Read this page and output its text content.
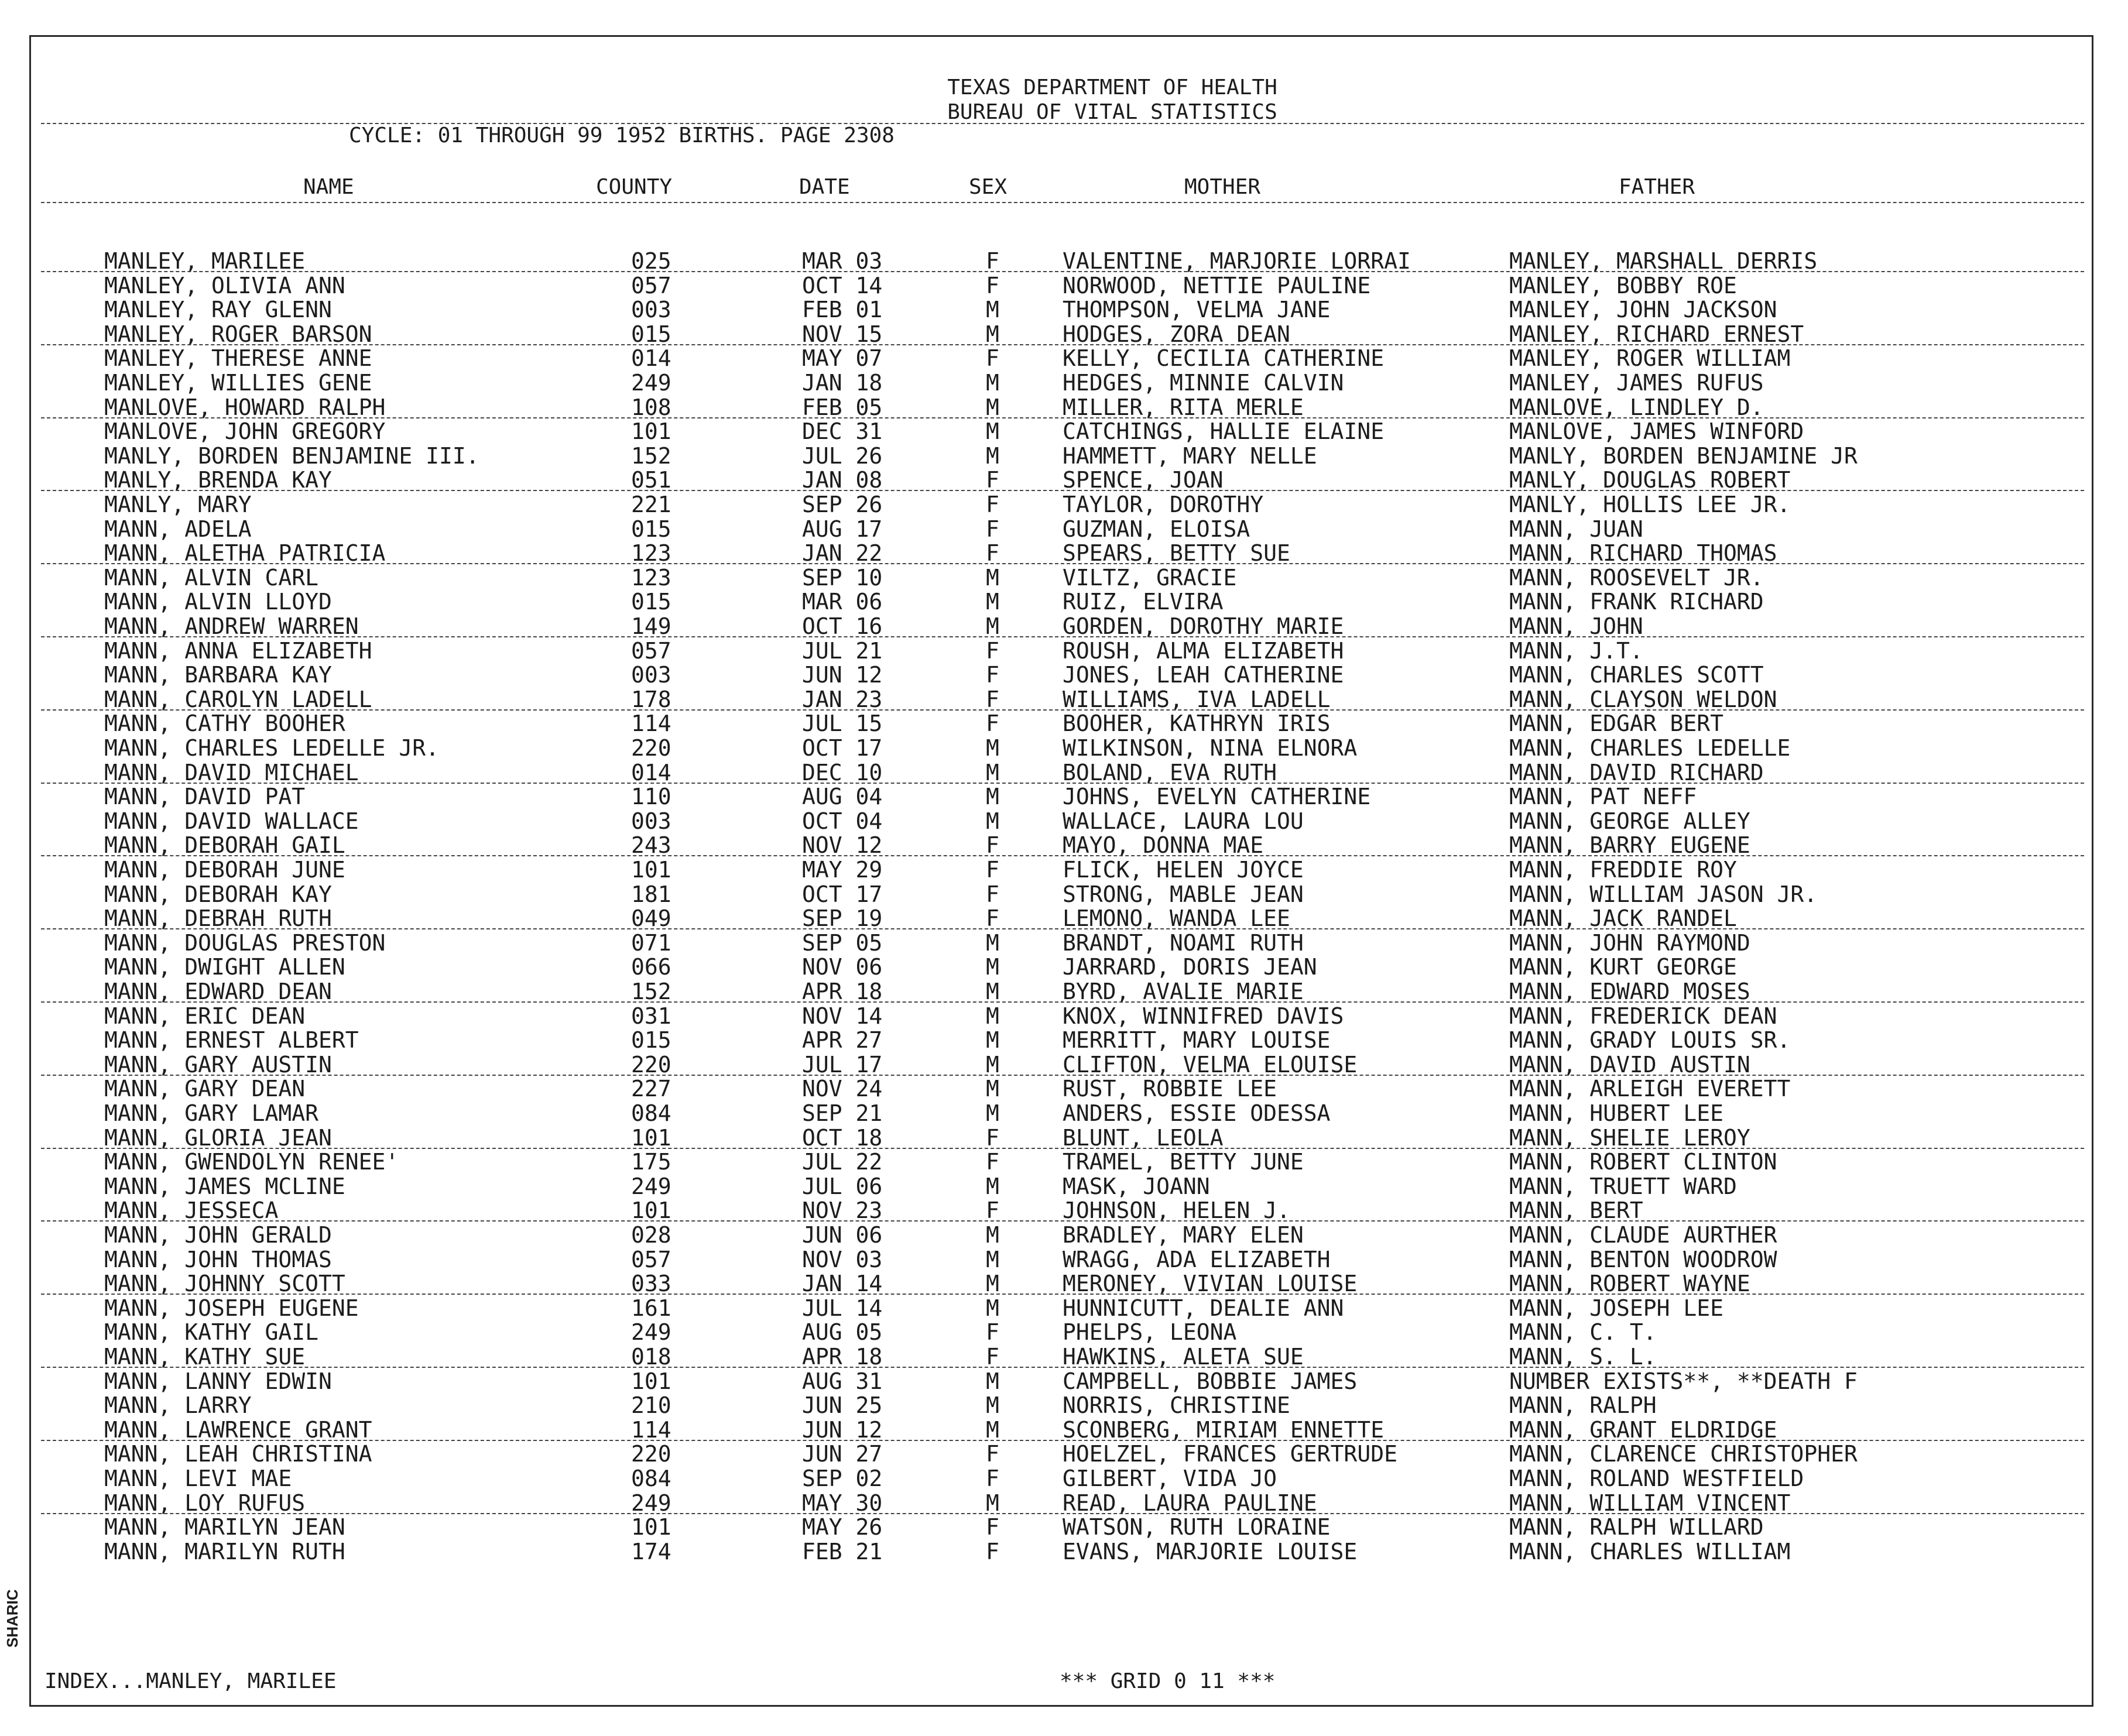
TEXAS DEPARTMENT OF HEALTH
BUREAU OF VITAL STATISTICS
CYCLE: 01 THROUGH 99 1952 BIRTHS. PAGE 2308
NAME	COUNTY	DATE	SEX	MOTHER	FATHER
MANLEY, MARILEE	025	MAR 03	F	VALENTINE, MARJORIE LORRAI	MANLEY, MARSHALL DERRIS
MANLEY, OLIVIA ANN	057	OCT 14	F	NORWOOD, NETTIE PAULINE	MANLEY, BOBBY ROE
MANLEY, RAY GLENN	003	FEB 01	M	THOMPSON, VELMA JANE	MANLEY, JOHN JACKSON
MANLEY, ROGER BARSON	015	NOV 15	M	HODGES, ZORA DEAN	MANLEY, RICHARD ERNEST
MANLEY, THERESE ANNE	014	MAY 07	F	KELLY, CECILIA CATHERINE	MANLEY, ROGER WILLIAM
MANLEY, WILLIES GENE	249	JAN 18	M	HEDGES, MINNIE CALVIN	MANLEY, JAMES RUFUS
MANLOVE, HOWARD RALPH	108	FEB 05	M	MILLER, RITA MERLE	MANLOVE, LINDLEY D.
MANLOVE, JOHN GREGORY	101	DEC 31	M	CATCHINGS, HALLIE ELAINE	MANLOVE, JAMES WINFORD
MANLY, BORDEN BENJAMINE III.	152	JUL 26	M	HAMMETT, MARY NELLE	MANLY, BORDEN BENJAMINE JR
MANLY, BRENDA KAY	051	JAN 08	F	SPENCE, JOAN	MANLY, DOUGLAS ROBERT
MANLY, MARY	221	SEP 26	F	TAYLOR, DOROTHY	MANLY, HOLLIS LEE JR.
MANN, ADELA	015	AUG 17	F	GUZMAN, ELOISA	MANN, JUAN
MANN, ALETHA PATRICIA	123	JAN 22	F	SPEARS, BETTY SUE	MANN, RICHARD THOMAS
MANN, ALVIN CARL	123	SEP 10	M	VILTZ, GRACIE	MANN, ROOSEVELT JR.
MANN, ALVIN LLOYD	015	MAR 06	M	RUIZ, ELVIRA	MANN, FRANK RICHARD
MANN, ANDREW WARREN	149	OCT 16	M	GORDEN, DOROTHY MARIE	MANN, JOHN
MANN, ANNA ELIZABETH	057	JUL 21	F	ROUSH, ALMA ELIZABETH	MANN, J.T.
MANN, BARBARA KAY	003	JUN 12	F	JONES, LEAH CATHERINE	MANN, CHARLES SCOTT
MANN, CAROLYN LADELL	178	JAN 23	F	WILLIAMS, IVA LADELL	MANN, CLAYSON WELDON
MANN, CATHY BOOHER	114	JUL 15	F	BOOHER, KATHRYN IRIS	MANN, EDGAR BERT
MANN, CHARLES LEDELLE JR.	220	OCT 17	M	WILKINSON, NINA ELNORA	MANN, CHARLES LEDELLE
MANN, DAVID MICHAEL	014	DEC 10	M	BOLAND, EVA RUTH	MANN, DAVID RICHARD
MANN, DAVID PAT	110	AUG 04	M	JOHNS, EVELYN CATHERINE	MANN, PAT NEFF
MANN, DAVID WALLACE	003	OCT 04	M	WALLACE, LAURA LOU	MANN, GEORGE ALLEY
MANN, DEBORAH GAIL	243	NOV 12	F	MAYO, DONNA MAE	MANN, BARRY EUGENE
MANN, DEBORAH JUNE	101	MAY 29	F	FLICK, HELEN JOYCE	MANN, FREDDIE ROY
MANN, DEBORAH KAY	181	OCT 17	F	STRONG, MABLE JEAN	MANN, WILLIAM JASON JR.
MANN, DEBRAH RUTH	049	SEP 19	F	LEMONO, WANDA LEE	MANN, JACK RANDEL
MANN, DOUGLAS PRESTON	071	SEP 05	M	BRANDT, NOAMI RUTH	MANN, JOHN RAYMOND
MANN, DWIGHT ALLEN	066	NOV 06	M	JARRARD, DORIS JEAN	MANN, KURT GEORGE
MANN, EDWARD DEAN	152	APR 18	M	BYRD, AVALIE MARIE	MANN, EDWARD MOSES
MANN, ERIC DEAN	031	NOV 14	M	KNOX, WINNIFRED DAVIS	MANN, FREDERICK DEAN
MANN, ERNEST ALBERT	015	APR 27	M	MERRITT, MARY LOUISE	MANN, GRADY LOUIS SR.
MANN, GARY AUSTIN	220	JUL 17	M	CLIFTON, VELMA ELOUISE	MANN, DAVID AUSTIN
MANN, GARY DEAN	227	NOV 24	M	RUST, ROBBIE LEE	MANN, ARLEIGH EVERETT
MANN, GARY LAMAR	084	SEP 21	M	ANDERS, ESSIE ODESSA	MANN, HUBERT LEE
MANN, GLORIA JEAN	101	OCT 18	F	BLUNT, LEOLA	MANN, SHELIE LEROY
MANN, GWENDOLYN RENEE'	175	JUL 22	F	TRAMEL, BETTY JUNE	MANN, ROBERT CLINTON
MANN, JAMES MCLINE	249	JUL 06	M	MASK, JOANN	MANN, TRUETT WARD
MANN, JESSECA	101	NOV 23	F	JOHNSON, HELEN J.	MANN, BERT
MANN, JOHN GERALD	028	JUN 06	M	BRADLEY, MARY ELEN	MANN, CLAUDE AURTHER
MANN, JOHN THOMAS	057	NOV 03	M	WRAGG, ADA ELIZABETH	MANN, BENTON WOODROW
MANN, JOHNNY SCOTT	033	JAN 14	M	MERONEY, VIVIAN LOUISE	MANN, ROBERT WAYNE
MANN, JOSEPH EUGENE	161	JUL 14	M	HUNNICUTT, DEALIE ANN	MANN, JOSEPH LEE
MANN, KATHY GAIL	249	AUG 05	F	PHELPS, LEONA	MANN, C. T.
MANN, KATHY SUE	018	APR 18	F	HAWKINS, ALETA SUE	MANN, S. L.
MANN, LANNY EDWIN	101	AUG 31	M	CAMPBELL, BOBBIE JAMES	NUMBER EXISTS**, **DEATH F
MANN, LARRY	210	JUN 25	M	NORRIS, CHRISTINE	MANN, RALPH
MANN, LAWRENCE GRANT	114	JUN 12	M	SCONBERG, MIRIAM ENNETTE	MANN, GRANT ELDRIDGE
MANN, LEAH CHRISTINA	220	JUN 27	F	HOELZEL, FRANCES GERTRUDE	MANN, CLARENCE CHRISTOPHER
MANN, LEVI MAE	084	SEP 02	F	GILBERT, VIDA JO	MANN, ROLAND WESTFIELD
MANN, LOY RUFUS	249	MAY 30	M	READ, LAURA PAULINE	MANN, WILLIAM VINCENT
MANN, MARILYN JEAN	101	MAY 26	F	WATSON, RUTH LORAINE	MANN, RALPH WILLARD
MANN, MARILYN RUTH	174	FEB 21	F	EVANS, MARJORIE LOUISE	MANN, CHARLES WILLIAM
INDEX...MANLEY, MARILEE	*** GRID 0 11 ***
SHARIC
